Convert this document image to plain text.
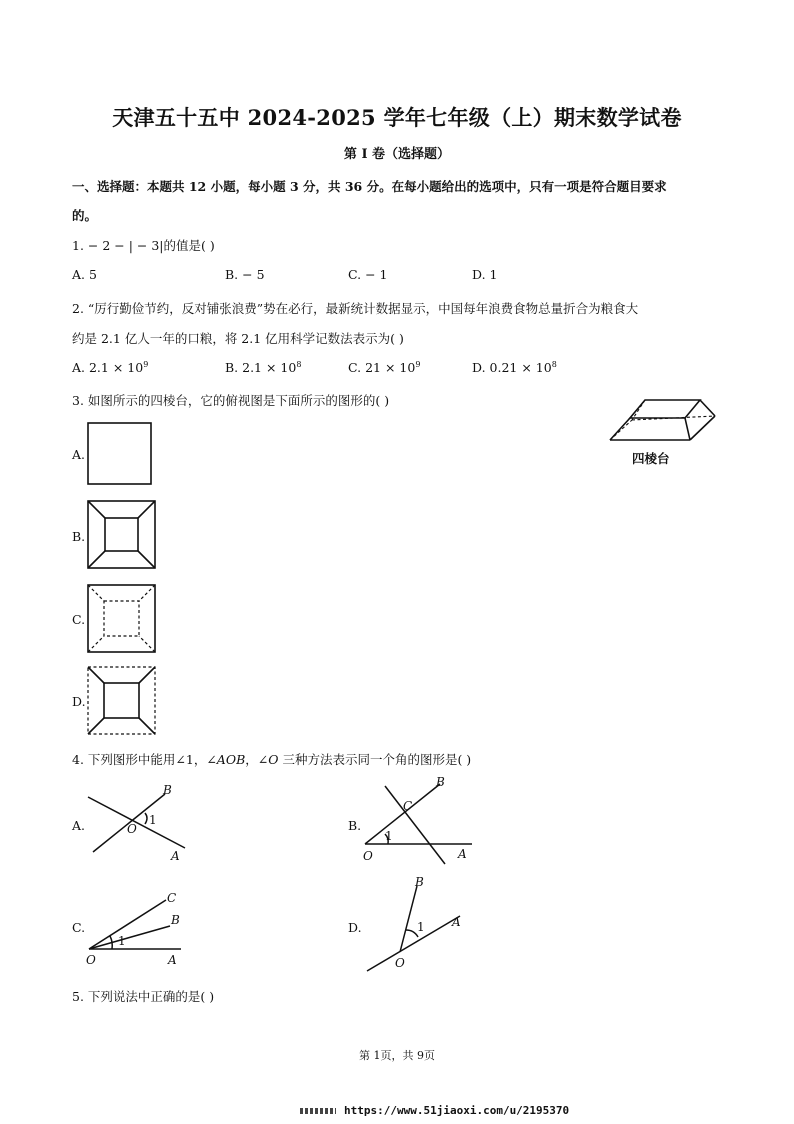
天津五十五中 2024-2025 学年七年级（上）期末数学试卷
第 I 卷（选择题）
一、选择题：本题共 12 小题，每小题 3 分，共 36 分。在每小题给出的选项中，只有一项是符合题目要求
的。
1. − 2 − | − 3|的值是( )
A. 5	B. − 5	C. − 1	D. 1
2. “厉行勤俭节约，反对铺张浪费”势在必行，最新统计数据显示，中国每年浪费食物总量折合为粮食大
约是 2.1 亿人一年的口粮，将 2.1 亿用科学记数法表示为( )
A. $2.1 \times 10^9$	B. $2.1 \times 10^8$	C. $21 \times 10^9$	D. $0.21 \times 10^8$
3. 如图所示的四棱台，它的俯视图是下面所示的图形的( )
四棱台
A.
B.
C.
D.
4. 下列图形中能用∠1，∠𝐴𝑂𝐵，∠𝑂 三种方法表示同一个角的图形是( )
A.
B
A
O
1	B.
B
C
O	A
1
C.
C
B
O	A
1
D.
B
A
O
1
5. 下列说法中正确的是( )
第 1页，共 9页
https://www.51jiaoxi.com/u/2195370
